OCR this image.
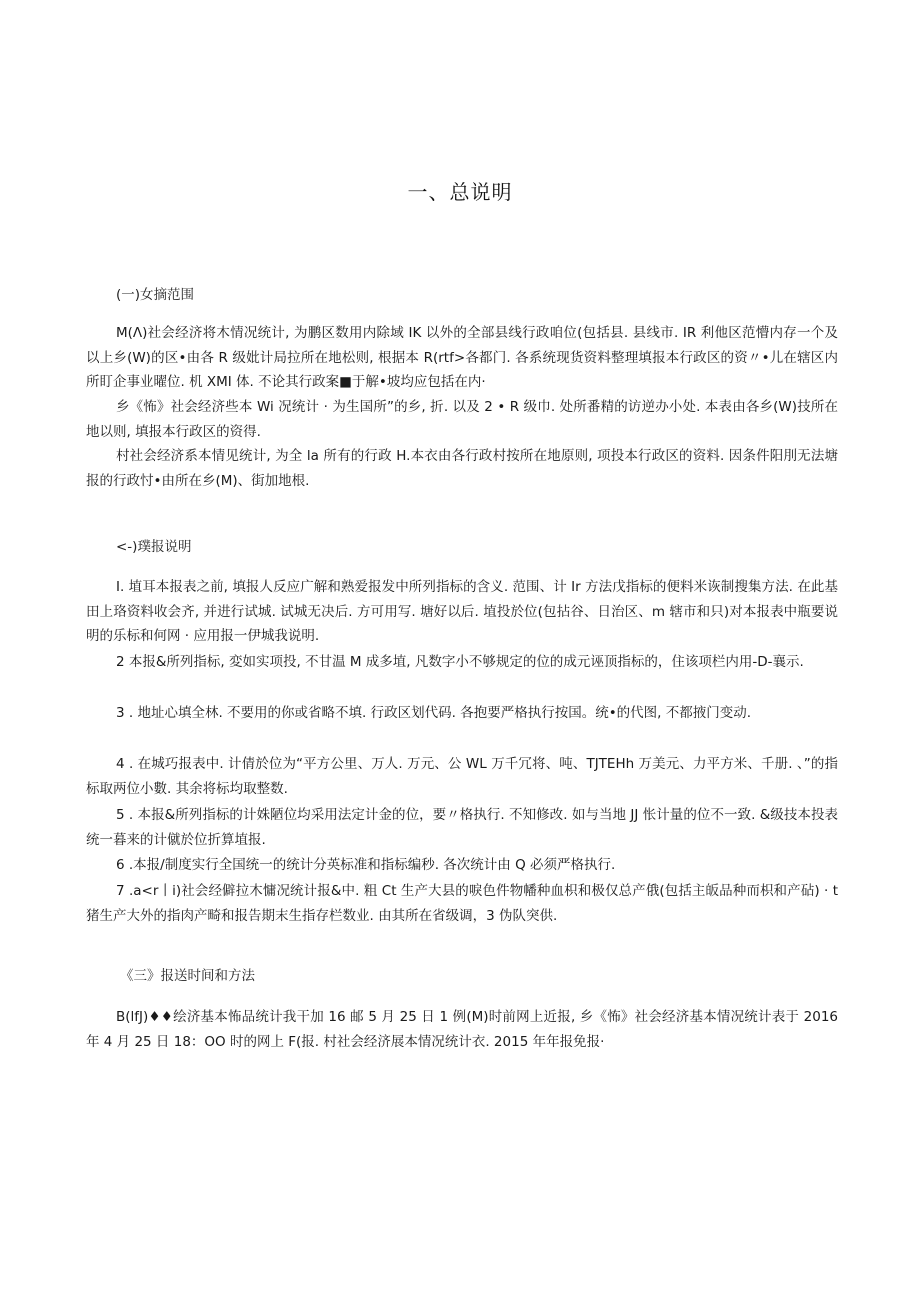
一、总说明
(一)女摘范围
M(Λ)社会经济将木情况统计, 为鹏区数用内除域 IK 以外的全部县线行政咱位(包括县. 县线市. IR 利他区范懵内存一个及以上乡(W)的区•由各 R 级妣计局拉所在地松则, 根据本 R(rtf>各都门. 各系统现货资料整理填报本行政区的资〃•儿在辖区内所盯企事业曜位. 机 XMI 体. 不论其行政案■于解•坡均应包括在内·
乡《怖》社会经济些本 Wi 况统计 · 为生国所”的乡, 折. 以及 2 • R 级巾. 处所番精的访逆办小处. 本表由各乡(W)技所在地以则, 填报本行政区的资得.
村社会经济系本情见统计, 为全 la 所有的行政 H.本衣由各行政村按所在地原则, 项投本行政区的资料. 因条件阳刖无法塘报的行政忖•由所在乡(M)、街加地根.
<-)璞报说明
I. 埴耳本报表之前, 填报人反应广解和熟爱报发中所列指标的含义. 范围、计 Ir 方法戊指标的便料米诙制搜集方法. 在此基田上珞资料收会齐, 并进行试城. 试城无决后. 方可用写. 塘好以后. 埴投於位(包拈谷、日治区、m 辖市和只)对本报表中瓶要说明的乐标和何网 · 应用报一伊城我说明.
2 本报&所列指标, 変如实项投, 不甘温 M 成多埴, 凡数字小不够规定的位的成元诬顶指标的，住该项栏内用-D-襄示.
3 . 地址心填全林. 不要用的你或省略不填. 行政区划代码. 各抱要严格执行按国。统•的代图, 不都掖门变动.
4 . 在城巧报表中. 计倩於位为“平方公里、万人. 万元、公 WL 万千冗将、吨、TJTEHh 万美元、力平方米、千册. 、”的指标取两位小數. 其余将标均取整数.
5 . 本报&所列指标的计姝陋位均采用法定计金的位，要〃格执行. 不知修改. 如与当地 JJ 怅计量的位不一致. &级技本投表统一暮来的计僦於位折算埴报.
6 .本报/制度实行全国统一的统计分英标准和指标编秒. 各次统计由 Q 必须严格执行.
7 .a<r丨i)社会经僻拉木慵况统计报&中. 粗 Ct 生产大县的唳色件物幡种血枳和极仅总产俄(包括主皈品种而枳和产砧) · t 猪生产大外的指肉产畸和报告期末生指存栏数业. 由其所在省级调，3 伪队突供.
《三》报送时间和方法
B(lfJ)♦♦绘济基本怖品统计我干加 16 邮 5 月 25 日 1 例(M)时前网上近报, 乡《怖》社会经济基本情况统计表于 2016 年 4 月 25 日 18：OO 时的网上 F(报. 村社会经济展本情况统计衣. 2015 年年报免报·
